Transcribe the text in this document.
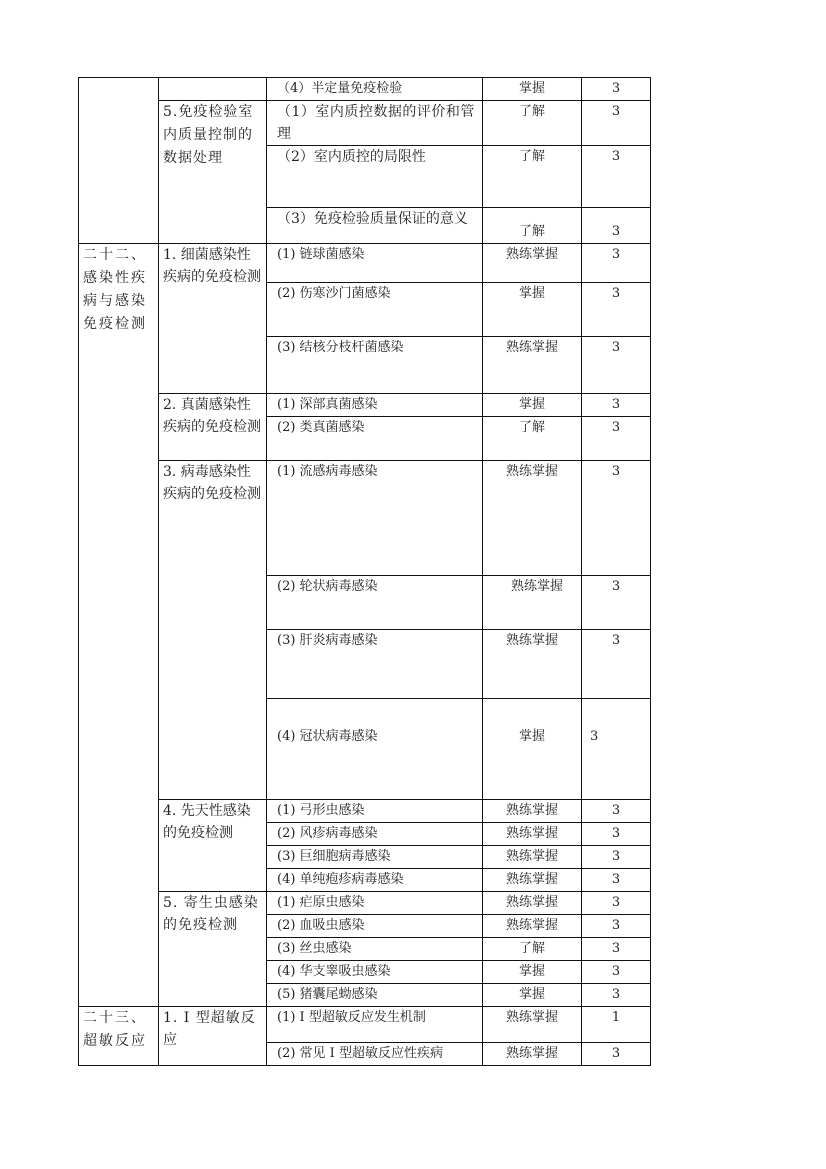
		（4）半定量免疫检验	掌握	3
	5.免疫检验室内质量控制的数据处理	（1）室内质控数据的评价和管理	了解	3
		（2）室内质控的局限性	了解	3
		（3）免疫检验质量保证的意义	了解	3
二十二、感染性疾病与感染免疫检测	1. 细菌感染性疾病的免疫检测	(1) 链球菌感染	熟练掌握	3
		(2) 伤寒沙门菌感染	掌握	3
		(3) 结核分枝杆菌感染	熟练掌握	3
	2. 真菌感染性疾病的免疫检测	(1) 深部真菌感染	掌握	3
		(2) 类真菌感染	了解	3
	3. 病毒感染性疾病的免疫检测	(1) 流感病毒感染	熟练掌握	3
		(2) 轮状病毒感染	熟练掌握	3
		(3) 肝炎病毒感染	熟练掌握	3
		(4) 冠状病毒感染	掌握	3
	4. 先天性感染的免疫检测	(1) 弓形虫感染	熟练掌握	3
		(2) 风疹病毒感染	熟练掌握	3
		(3) 巨细胞病毒感染	熟练掌握	3
		(4) 单纯疱疹病毒感染	熟练掌握	3
	5. 寄生虫感染的免疫检测	(1) 疟原虫感染	熟练掌握	3
		(2) 血吸虫感染	熟练掌握	3
		(3) 丝虫感染	了解	3
		(4) 华支睾吸虫感染	掌握	3
		(5) 猪囊尾蚴感染	掌握	3
二十三、超敏反应	1. I 型超敏反应	(1) I 型超敏反应发生机制	熟练掌握	1
		(2) 常见 I 型超敏反应性疾病	熟练掌握	3
